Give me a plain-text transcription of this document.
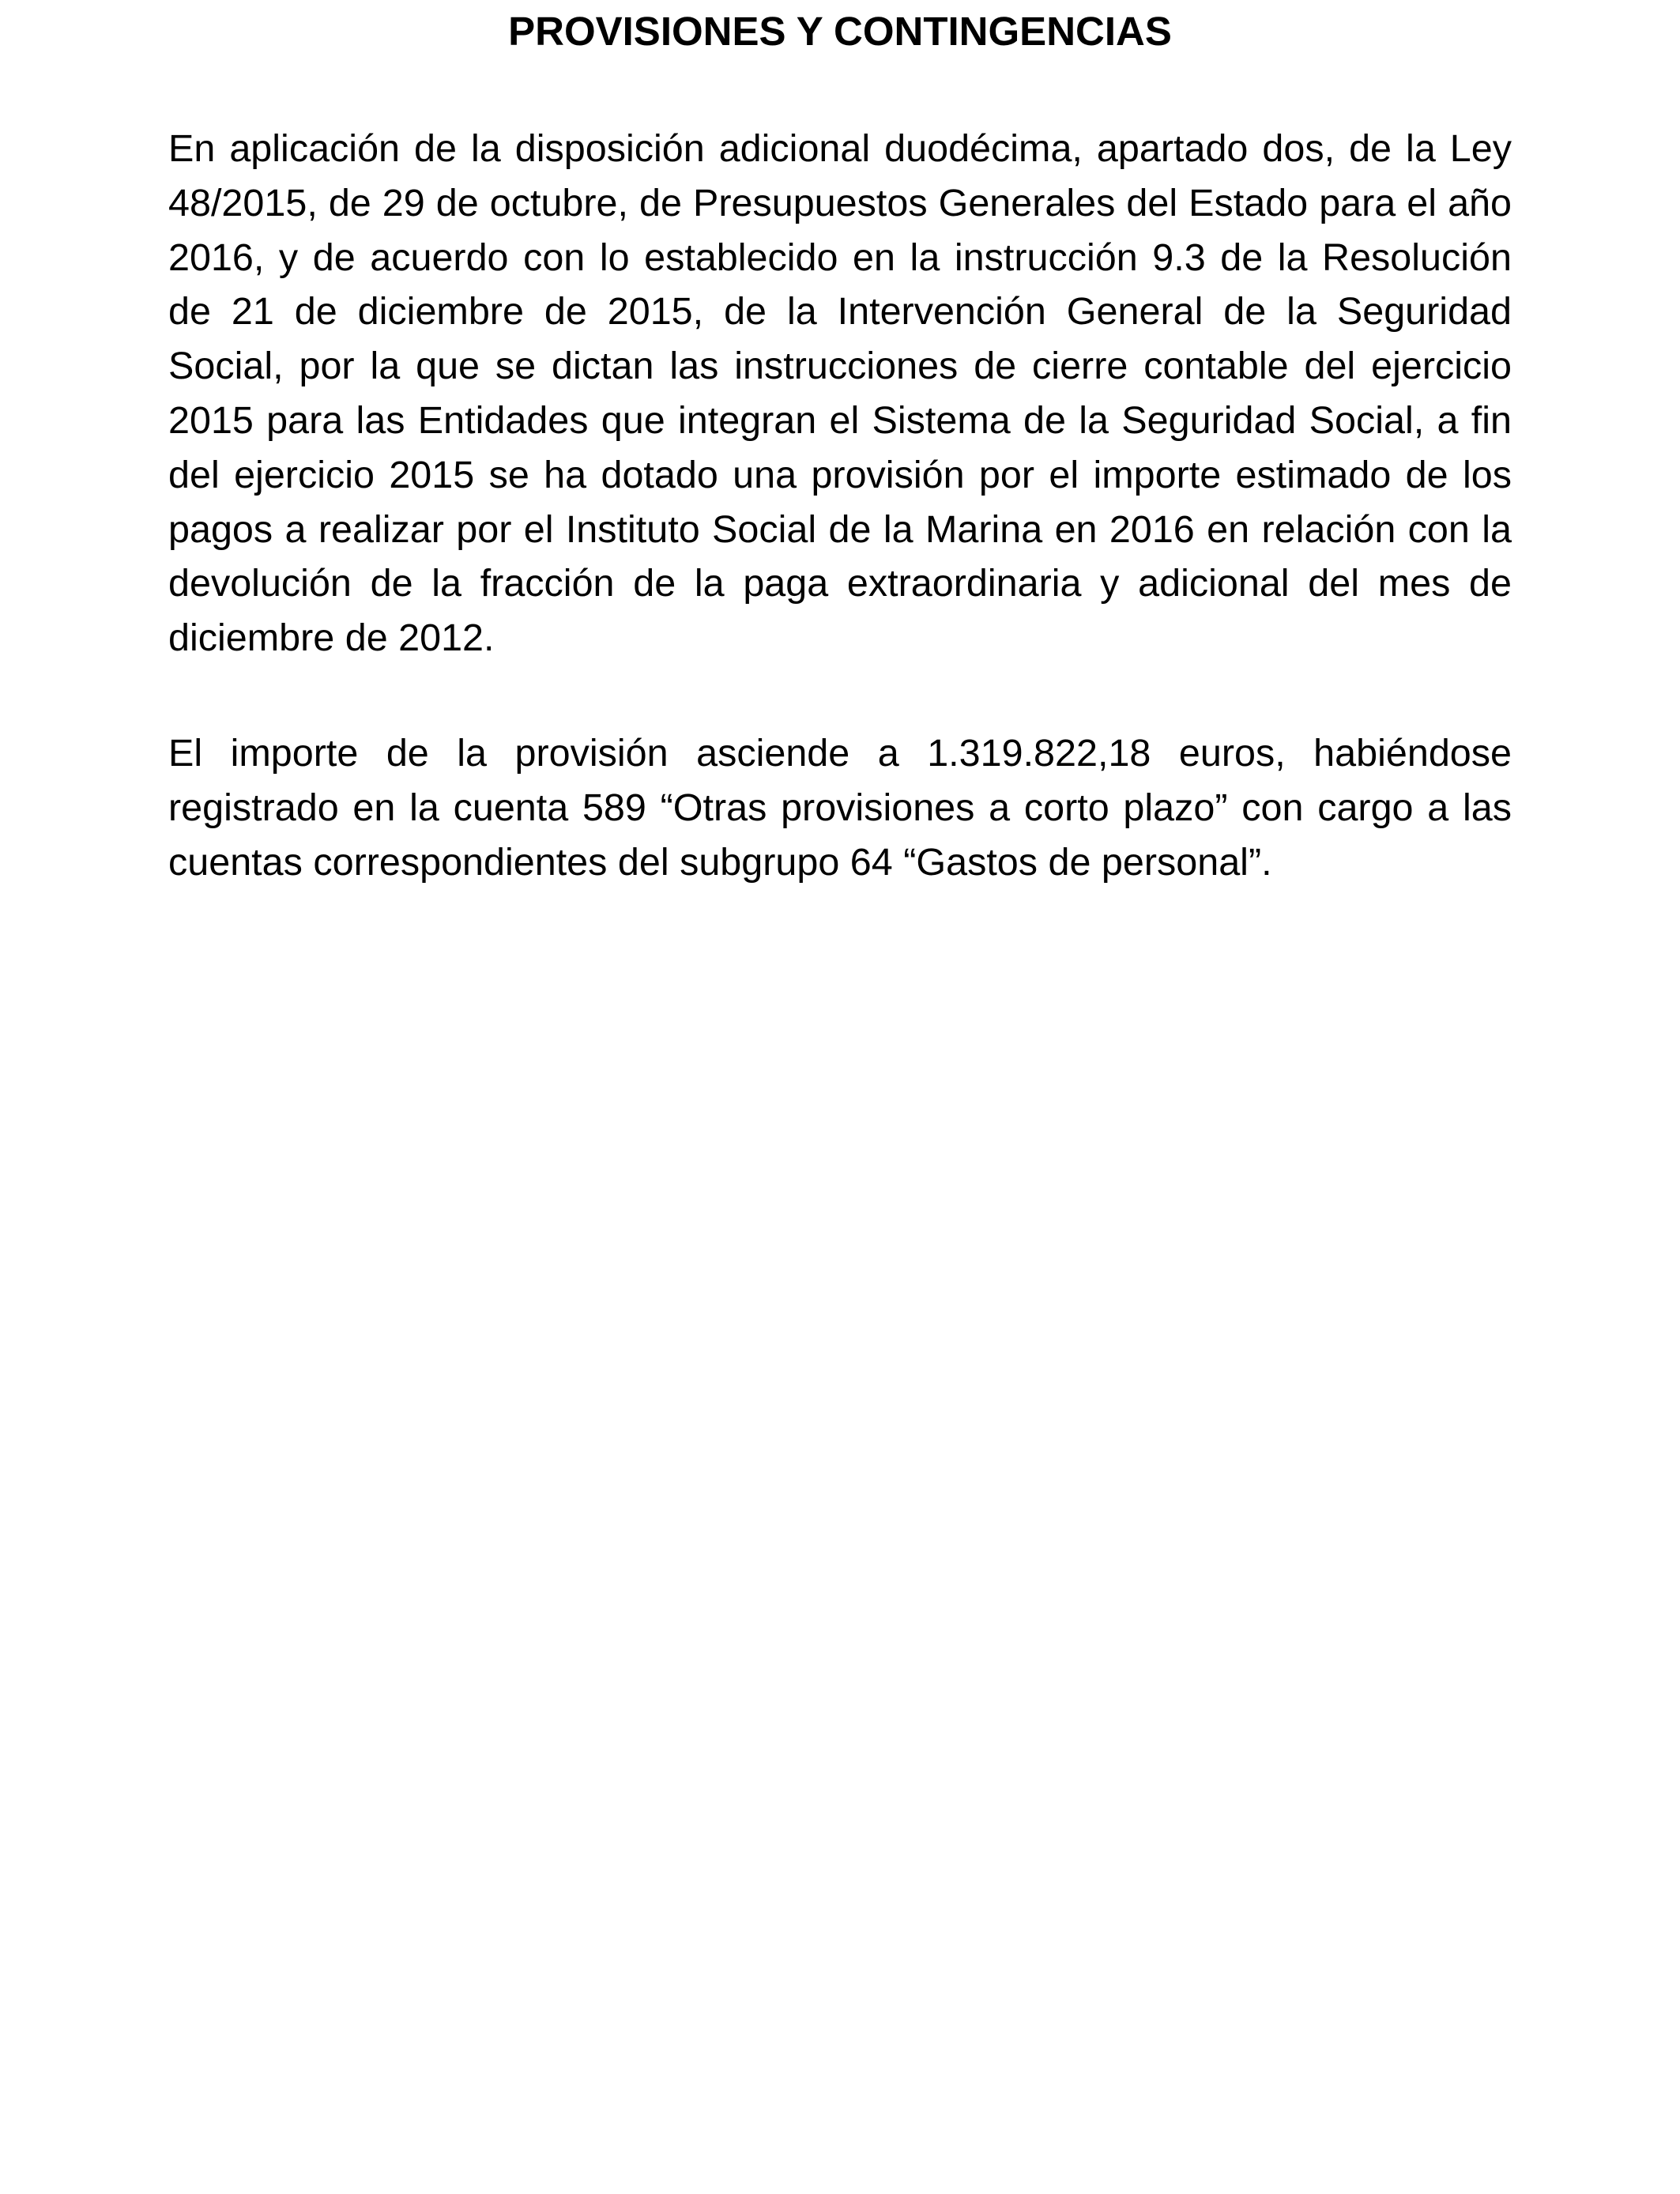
PROVISIONES Y CONTINGENCIAS

En aplicación de la disposición adicional duodécima, apartado dos, de la Ley 48/2015, de 29 de octubre, de Presupuestos Generales del Estado para el año 2016, y de acuerdo con lo establecido en la instrucción 9.3 de la Resolución de 21 de diciembre de 2015, de la Intervención General de la Seguridad Social, por la que se dictan las instrucciones de cierre contable del ejercicio 2015 para las Entidades que integran el Sistema de la Seguridad Social, a fin del ejercicio 2015 se ha dotado una provisión por el importe estimado de los pagos a realizar por el Instituto Social de la Marina en 2016 en relación con la devolución de la fracción de la paga extraordinaria y adicional del mes de diciembre de 2012.

El importe de la provisión asciende a 1.319.822,18 euros, habiéndose registrado en la cuenta 589 “Otras provisiones a corto plazo” con cargo a las cuentas correspondientes del subgrupo 64 “Gastos de personal”.
